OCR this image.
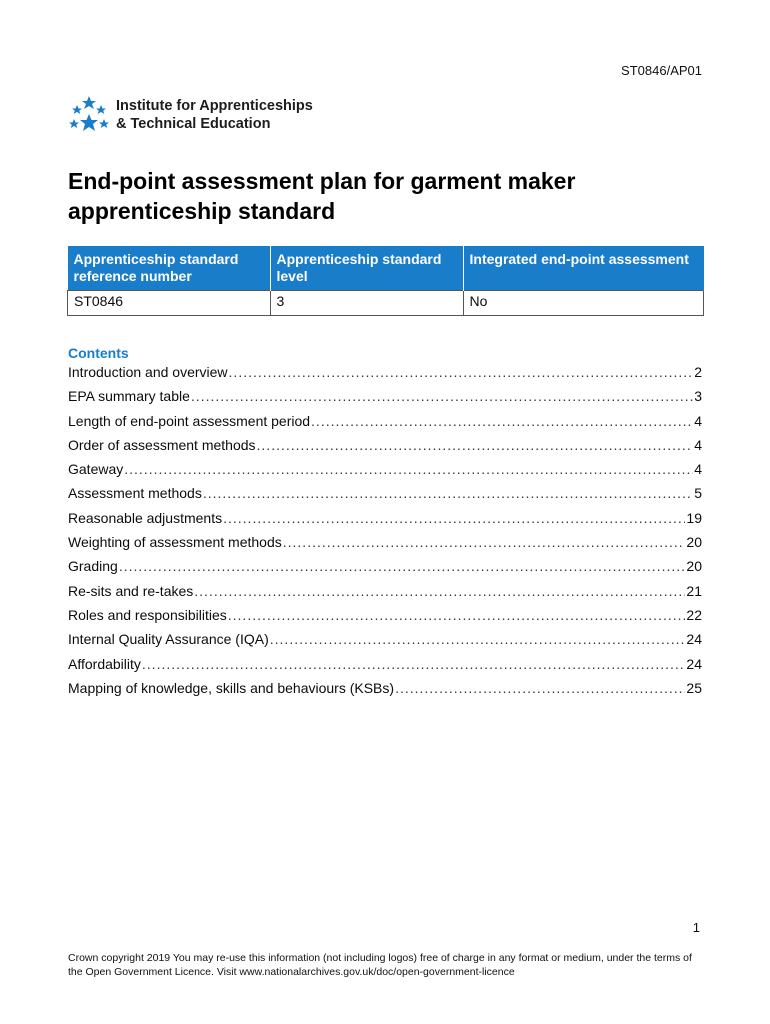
ST0846/AP01
Institute for Apprenticeships
& Technical Education
End-point assessment plan for garment maker apprenticeship standard
Apprenticeship standard reference number	Apprenticeship standard level	Integrated end-point assessment
ST0846	3	No
Contents
Introduction and overview .....	2
EPA summary table .....	3
Length of end-point assessment period .....	4
Order of assessment methods .....	4
Gateway .....	4
Assessment methods .....	5
Reasonable adjustments .....	19
Weighting of assessment methods .....	20
Grading .....	20
Re-sits and re-takes .....	21
Roles and responsibilities .....	22
Internal Quality Assurance (IQA) .....	24
Affordability .....	24
Mapping of knowledge, skills and behaviours (KSBs) .....	25
1
Crown copyright 2019 You may re-use this information (not including logos) free of charge in any format or medium, under the terms of the Open Government Licence. Visit www.nationalarchives.gov.uk/doc/open-government-licence
